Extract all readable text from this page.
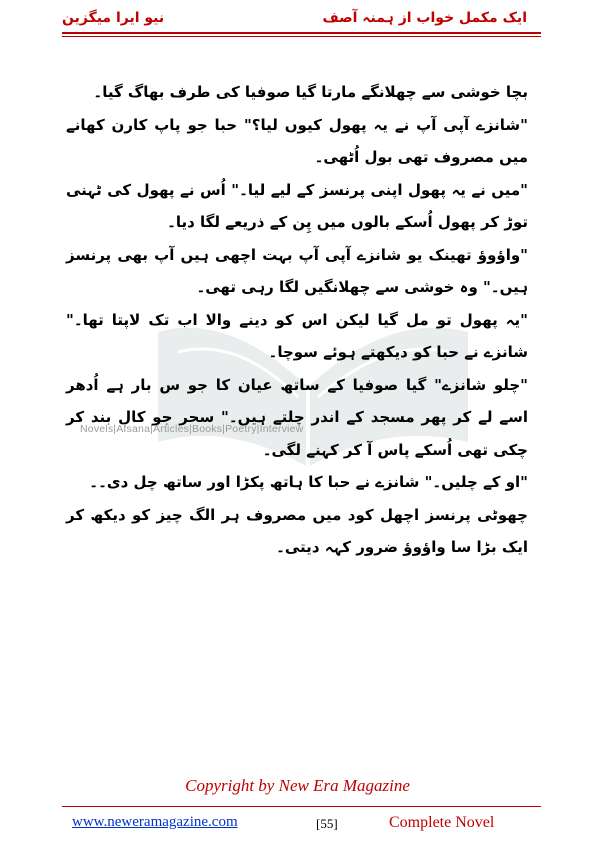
نیو ایرا میگزین	ایک مکمل خواب از ہمنہ آصف
Novels|Afsana|Articles|Books|Poetry|Interview

بچا خوشی سے چھلانگے مارتا گیا صوفیا کی طرف بھاگ گیا۔

"شانزے آپی آپ نے یہ پھول کیوں لیا؟" حبا جو پاپ کارن کھانے میں مصروف تھی بول اُٹھی۔

"میں نے یہ پھول اپنی پرنسز کے لیے لیا۔" اُس نے پھول کی ٹہنی توڑ کر پھول اُسکے بالوں میں پِن کے ذریعے لگا دیا۔

"واؤوؤ تھینک یو شانزے آپی آپ بہت اچھی ہیں آپ بھی پرنسز ہیں۔" وہ خوشی سے چھلانگیں لگا رہی تھی۔

"یہ پھول تو مل گیا لیکن اس کو دینے والا اب تک لاپتا تھا۔" شانزے نے حبا کو دیکھتے ہوئے سوچا۔

"چلو شانزے" گیا صوفیا کے ساتھ عیان کا جو س بار ہے اُدھر اسے لے کر پھر مسجد کے اندر چلتے ہیں۔" سحر جو کال بند کر چکی تھی اُسکے پاس آ کر کہنے لگی۔

"او کے چلیں۔" شانزے نے حبا کا ہاتھ پکڑا اور ساتھ چل دی۔۔

چھوٹی پرنسز اچھل کود میں مصروف ہر الگ چیز کو دیکھ کر ایک بڑا سا واؤوؤ ضرور کہہ دیتی۔

Copyright by New Era Magazine
www.neweramagazine.com	[55]	Complete Novel
